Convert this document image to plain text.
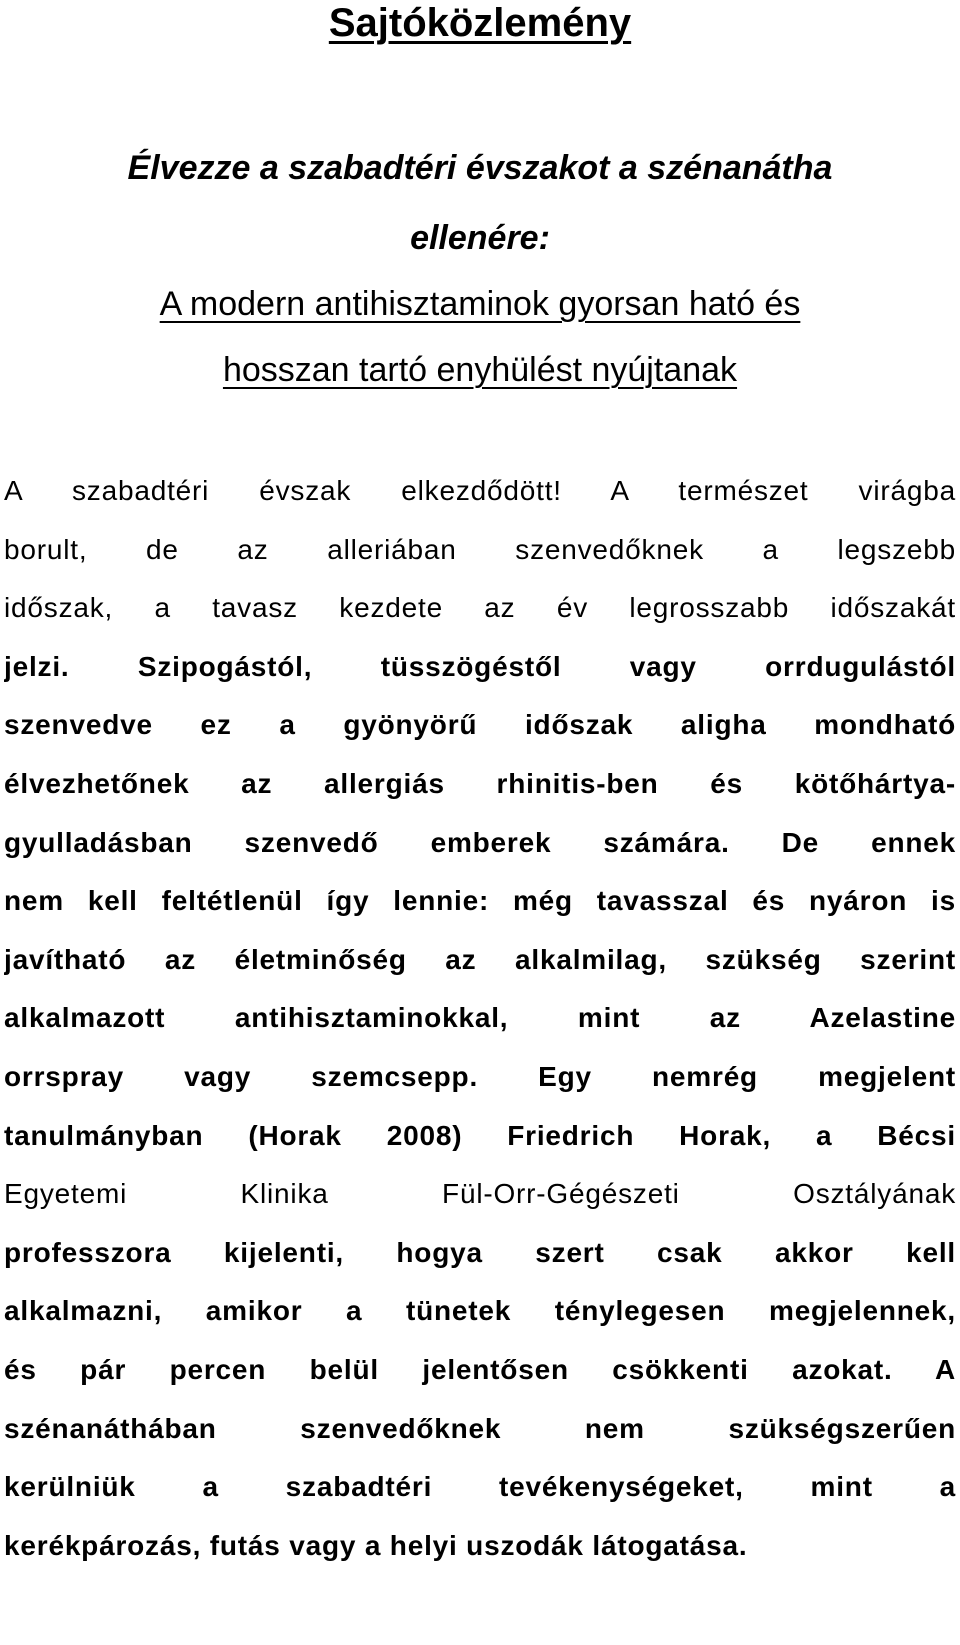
Sajtóközlemény
Élvezze a szabadtéri évszakot a szénanátha
ellenére:
A modern antihisztaminok gyorsan ható és
hosszan tartó enyhülést nyújtanak
A szabadtéri évszak elkezdődött! A természet virágba
borult, de az alleriában szenvedőknek a legszebb
időszak, a tavasz kezdete az év legrosszabb időszakát
jelzi. Szipogástól, tüsszögéstől vagy orrdugulástól
szenvedve ez a gyönyörű időszak aligha mondható
élvezhetőnek az allergiás rhinitis-ben és kötőhártya-
gyulladásban szenvedő emberek számára. De ennek
nem kell feltétlenül így lennie: még tavasszal és nyáron is
javítható az életminőség az alkalmilag, szükség szerint
alkalmazott antihisztaminokkal, mint az Azelastine
orrspray vagy szemcsepp. Egy nemrég megjelent
tanulmányban (Horak 2008) Friedrich Horak, a Bécsi
Egyetemi Klinika Fül-Orr-Gégészeti Osztályának
professzora kijelenti, hogya szert csak akkor kell
alkalmazni, amikor a tünetek ténylegesen megjelennek,
és pár percen belül jelentősen csökkenti azokat. A
szénanáthában szenvedőknek nem szükségszerűen
kerülniük a szabadtéri tevékenységeket, mint a
kerékpározás, futás vagy a helyi uszodák látogatása.
